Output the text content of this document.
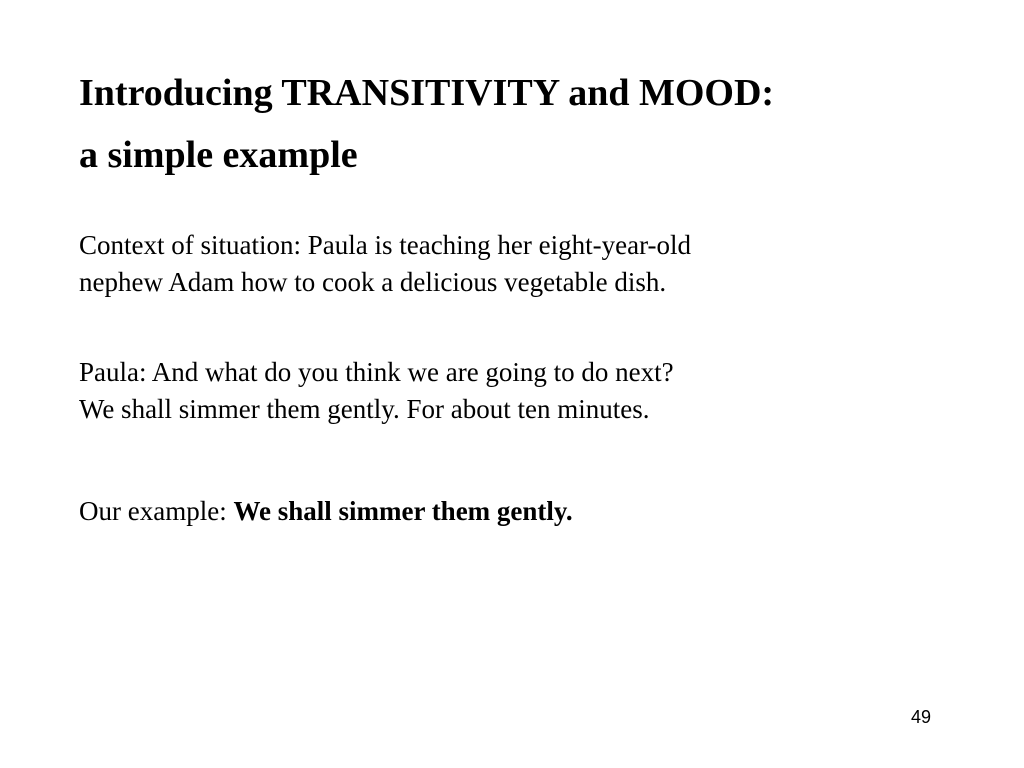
Introducing TRANSITIVITY and MOOD:
a simple example

Context of situation: Paula is teaching her eight-year-old
nephew Adam how to cook a delicious vegetable dish.

Paula: And what do you think we are going to do next?
We shall simmer them gently. For about ten minutes.

Our example: We shall simmer them gently.

49
